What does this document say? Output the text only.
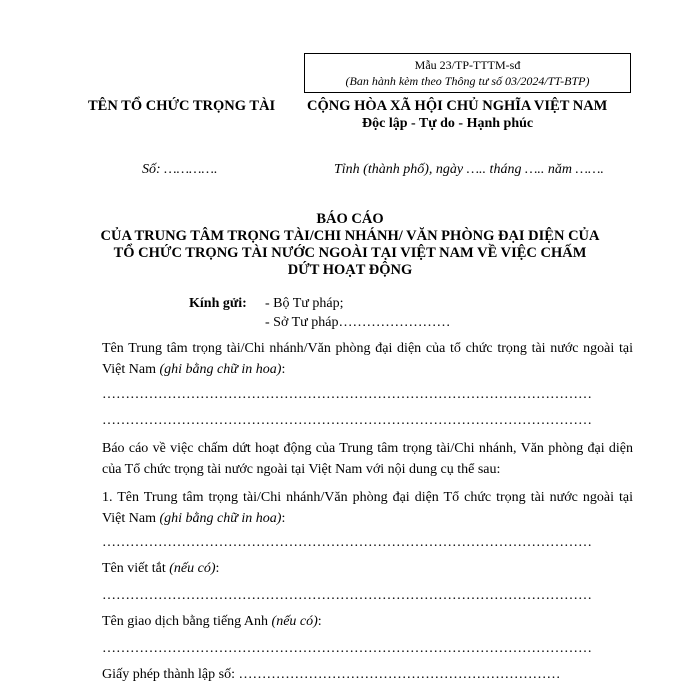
Mẫu 23/TP-TTTM-sđ
(Ban hành kèm theo Thông tư số 03/2024/TT-BTP)
TÊN TỔ CHỨC TRỌNG TÀI CỘNG HÒA XÃ HỘI CHỦ NGHĨA VIỆT NAM
Độc lập - Tự do - Hạnh phúc
Số: ………….	Tỉnh (thành phố), ngày ….. tháng ….. năm …….
BÁO CÁO
CỦA TRUNG TÂM TRỌNG TÀI/CHI NHÁNH/ VĂN PHÒNG ĐẠI DIỆN CỦA
TỔ CHỨC TRỌNG TÀI NƯỚC NGOÀI TẠI VIỆT NAM VỀ VIỆC CHẤM
DỨT HOẠT ĐỘNG
Kính gửi: - Bộ Tư pháp;
- Sở Tư pháp……………………
Tên Trung tâm trọng tài/Chi nhánh/Văn phòng đại diện của tổ chức trọng tài nước ngoài tại Việt Nam (ghi bằng chữ in hoa):
……………………………………………………………………………………………
……………………………………………………………………………………………
Báo cáo về việc chấm dứt hoạt động của Trung tâm trọng tài/Chi nhánh, Văn phòng đại diện của Tổ chức trọng tài nước ngoài tại Việt Nam với nội dung cụ thể sau:
1. Tên Trung tâm trọng tài/Chi nhánh/Văn phòng đại diện Tổ chức trọng tài nước ngoài tại Việt Nam (ghi bằng chữ in hoa):
……………………………………………………………………………………………
Tên viết tắt (nếu có):
……………………………………………………………………………………………
Tên giao dịch bằng tiếng Anh (nếu có):
……………………………………………………………………………………………
Giấy phép thành lập số: ……………………………………………………………
